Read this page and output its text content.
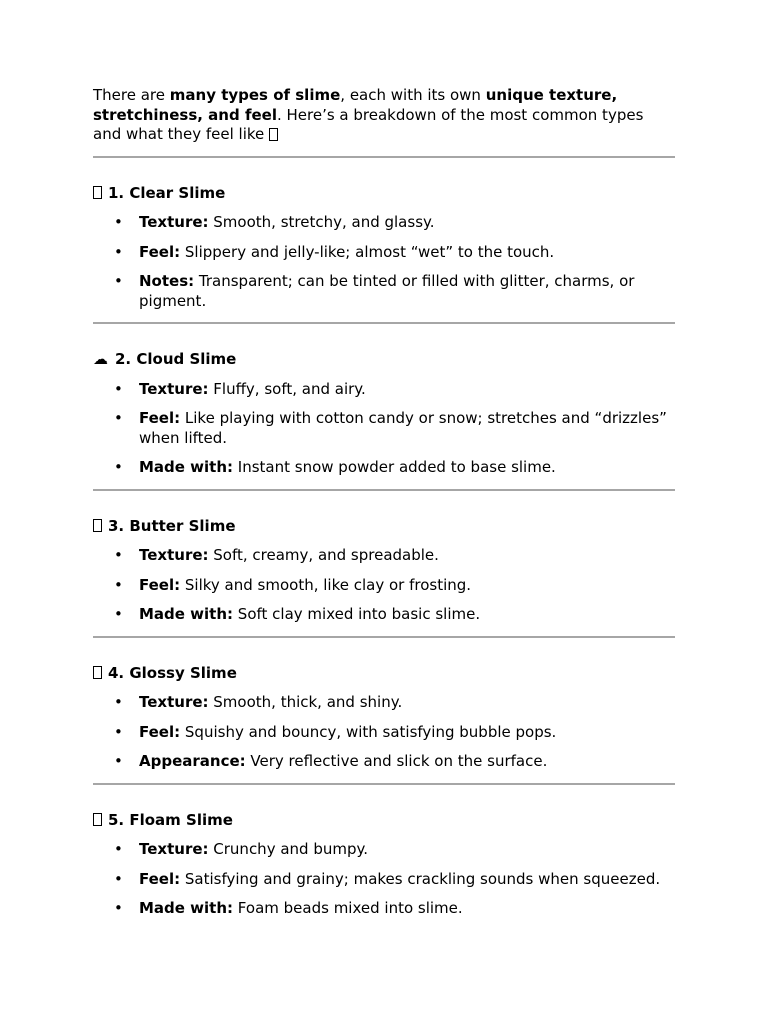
There are many types of slime, each with its own unique texture, stretchiness, and feel. Here’s a breakdown of the most common types and what they feel like

1. Clear Slime

• Texture: Smooth, stretchy, and glassy.
• Feel: Slippery and jelly-like; almost “wet” to the touch.
• Notes: Transparent; can be tinted or filled with glitter, charms, or pigment.

☁ 2. Cloud Slime

• Texture: Fluffy, soft, and airy.
• Feel: Like playing with cotton candy or snow; stretches and “drizzles” when lifted.
• Made with: Instant snow powder added to base slime.

3. Butter Slime

• Texture: Soft, creamy, and spreadable.
• Feel: Silky and smooth, like clay or frosting.
• Made with: Soft clay mixed into basic slime.

4. Glossy Slime

• Texture: Smooth, thick, and shiny.
• Feel: Squishy and bouncy, with satisfying bubble pops.
• Appearance: Very reflective and slick on the surface.

5. Floam Slime

• Texture: Crunchy and bumpy.
• Feel: Satisfying and grainy; makes crackling sounds when squeezed.
• Made with: Foam beads mixed into slime.
